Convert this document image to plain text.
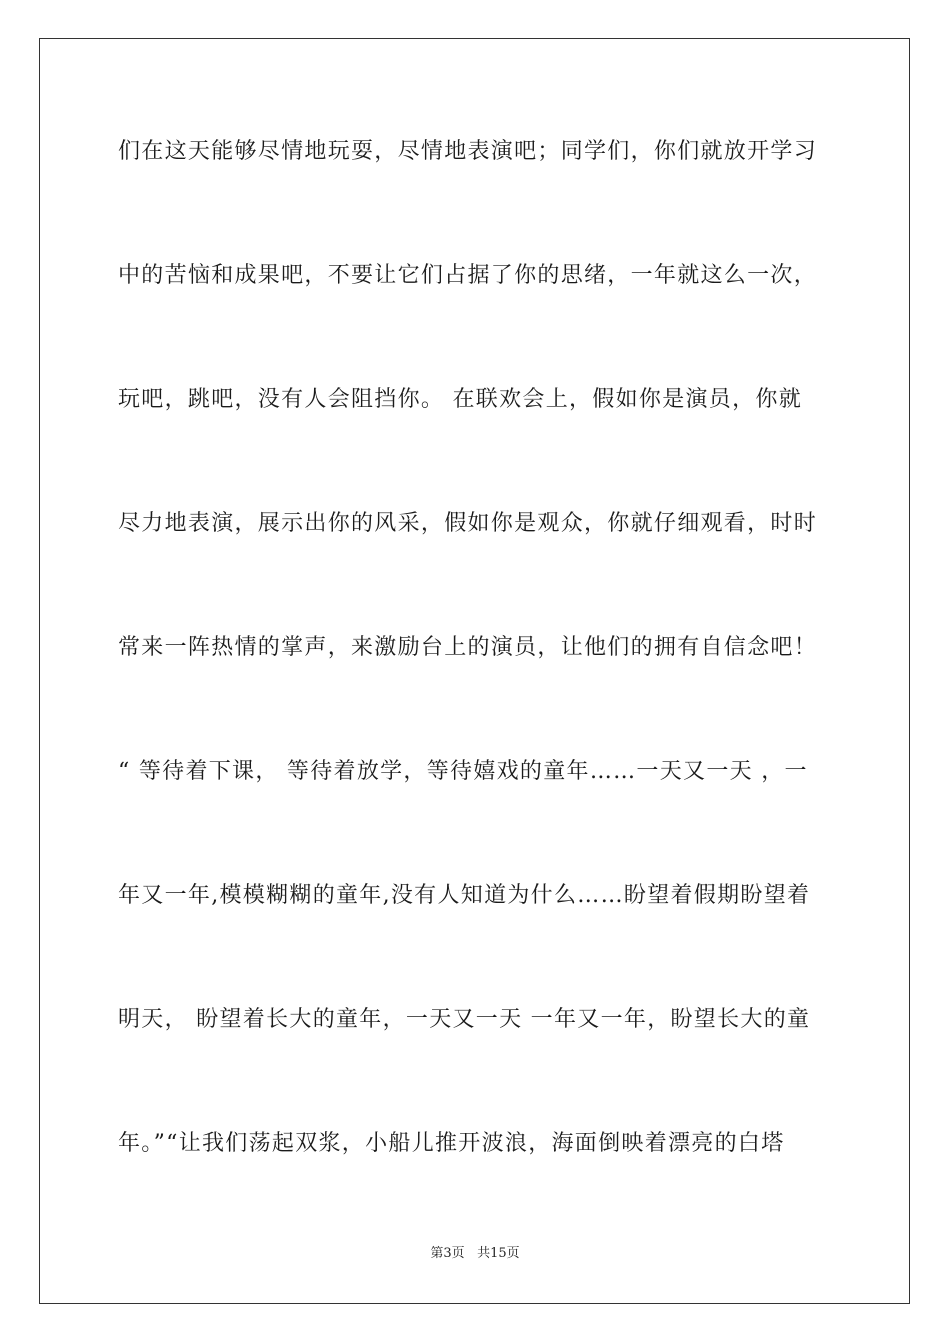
们在这天能够尽情地玩耍，尽情地表演吧；同学们，你们就放开学习
中的苦恼和成果吧，不要让它们占据了你的思绪，一年就这么一次，
玩吧，跳吧，没有人会阻挡你。 在联欢会上，假如你是演员，你就
尽力地表演，展示出你的风采，假如你是观众，你就仔细观看，时时
常来一阵热情的掌声，来激励台上的演员，让他们的拥有自信念吧！
“ 等待着下课， 等待着放学，等待嬉戏的童年……一天又一天 ，一
年又一年,模模糊糊的童年,没有人知道为什么……盼望着假期盼望着
明天， 盼望着长大的童年，一天又一天 一年又一年，盼望长大的童
年。”“让我们荡起双浆，小船儿推开波浪，海面倒映着漂亮的白塔
第3页 共15页
